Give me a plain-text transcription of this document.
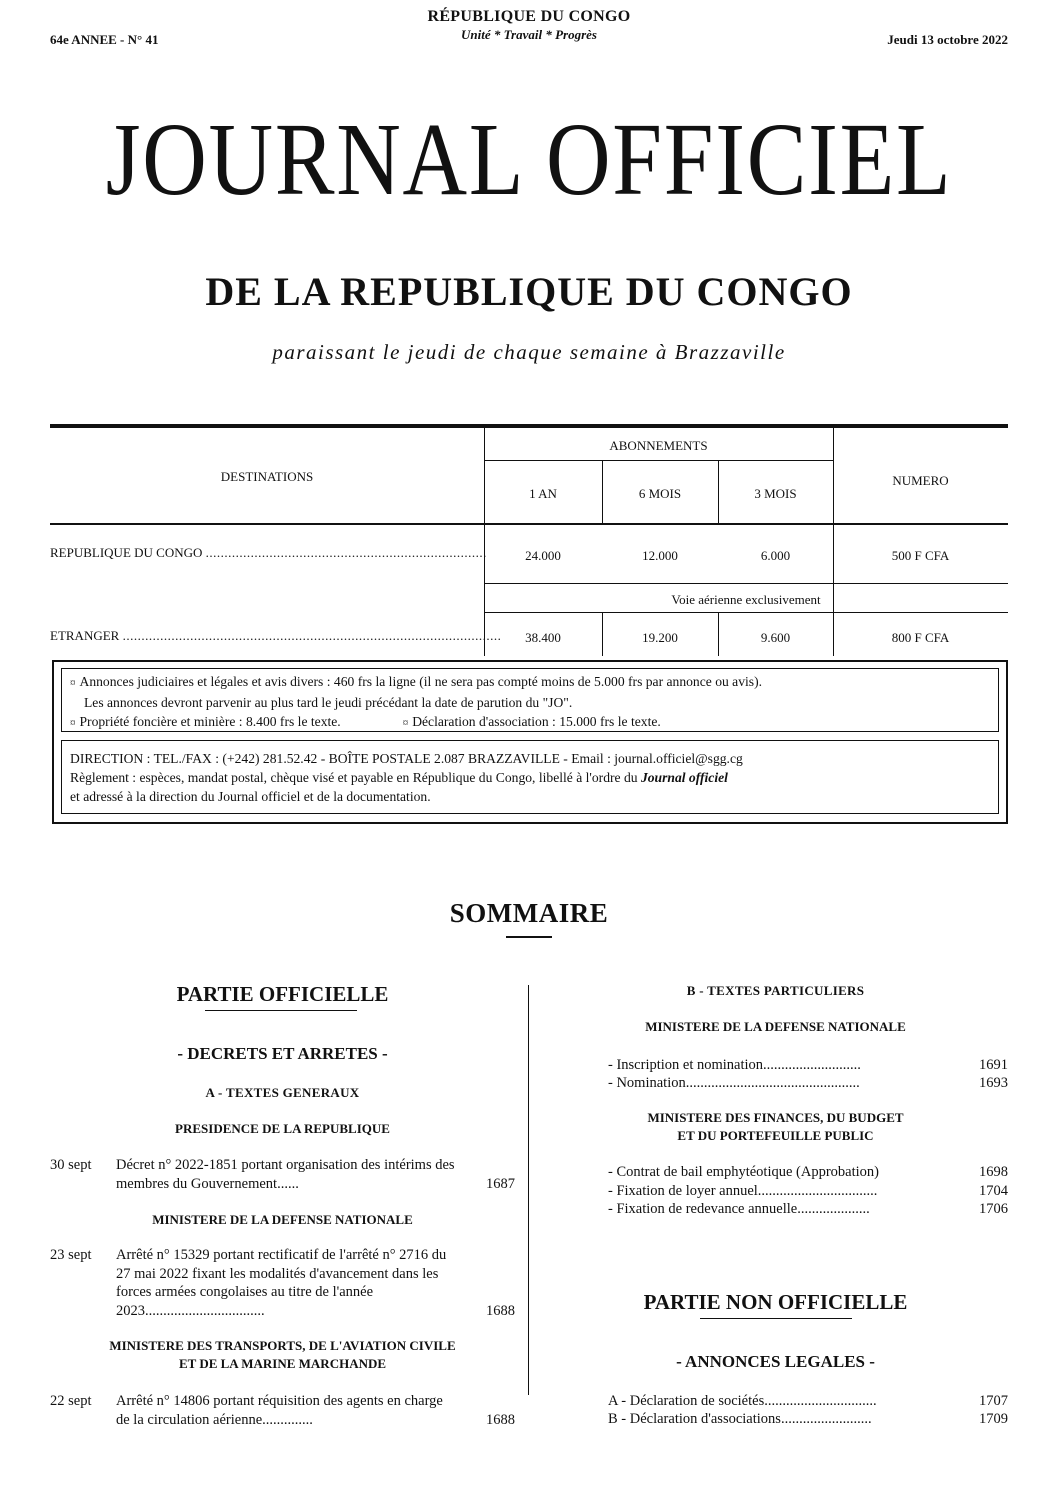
64e ANNEE - N° 41
RÉPUBLIQUE DU CONGO
Unité * Travail * Progrès	Jeudi 13 octobre 2022
JOURNAL OFFICIEL
DE LA REPUBLIQUE DU CONGO
paraissant le jeudi de chaque semaine à Brazzaville
DESTINATIONS
ABONNEMENTS
NUMERO
1 AN	6 MOIS	3 MOIS
REPUBLIQUE DU CONGO ...........................................................................	24.000	12.000	6.000	500 F CFA
Voie aérienne exclusivement
ETRANGER .....................................................................................................	38.400	19.200	9.600	800 F CFA
¤ Annonces judiciaires et légales et avis divers : 460 frs la ligne (il ne sera pas compté moins de 5.000 frs par annonce ou avis).
Les annonces devront parvenir au plus tard le jeudi précédant la date de parution du "JO".
¤ Propriété foncière et minière : 8.400 frs le texte.	¤ Déclaration d'association : 15.000 frs le texte.
DIRECTION : TEL./FAX : (+242) 281.52.42 - BOÎTE POSTALE 2.087 BRAZZAVILLE - Email : journal.officiel@sgg.cg
Règlement : espèces, mandat postal, chèque visé et payable en République du Congo, libellé à l'ordre du Journal officiel
et adressé à la direction du Journal officiel et de la documentation.
SOMMAIRE
PARTIE OFFICIELLE
- DECRETS ET ARRETES -
A - TEXTES GENERAUX
PRESIDENCE DE LA REPUBLIQUE
30 sept Décret n° 2022-1851 portant organisation des intérims des membres du Gouvernement......	1687
MINISTERE DE LA DEFENSE NATIONALE
23 sept Arrêté n° 15329 portant rectificatif de l'arrêté n° 2716 du 27 mai 2022 fixant les modalités d'avancement dans les forces armées congolaises au titre de l'année 2023.................................	1688
MINISTERE DES TRANSPORTS, DE L'AVIATION CIVILE
ET DE LA MARINE MARCHANDE
22 sept Arrêté n° 14806 portant réquisition des agents en charge de la circulation aérienne..............	1688
B - TEXTES PARTICULIERS
MINISTERE DE LA DEFENSE NATIONALE
- Inscription et nomination...........................	1691
- Nomination................................................	1693
MINISTERE DES FINANCES, DU BUDGET
ET DU PORTEFEUILLE PUBLIC
- Contrat de bail emphytéotique (Approbation)	1698
- Fixation de loyer annuel.................................	1704
- Fixation de redevance annuelle....................	1706
PARTIE NON OFFICIELLE
- ANNONCES LEGALES -
A - Déclaration de sociétés...............................	1707
B - Déclaration d'associations.........................	1709
